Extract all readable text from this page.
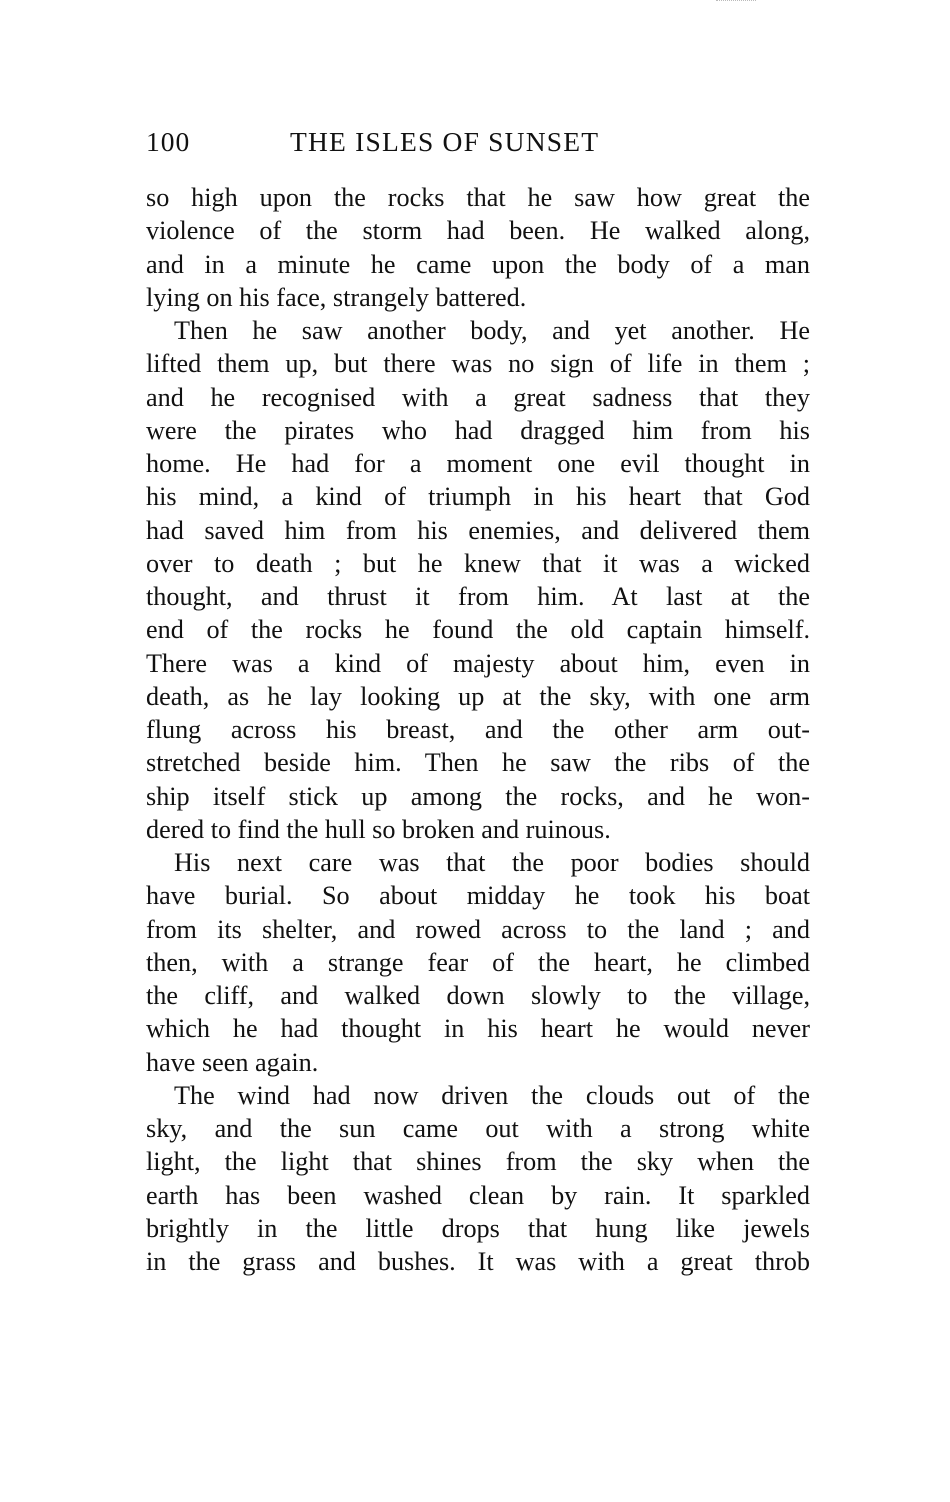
100	THE ISLES OF SUNSET
so high upon the rocks that he saw how great the
violence of the storm had been. He walked along,
and in a minute he came upon the body of a man
lying on his face, strangely battered.
Then he saw another body, and yet another. He
lifted them up, but there was no sign of life in them ;
and he recognised with a great sadness that they
were the pirates who had dragged him from his
home. He had for a moment one evil thought in
his mind, a kind of triumph in his heart that God
had saved him from his enemies, and delivered them
over to death ; but he knew that it was a wicked
thought, and thrust it from him. At last at the
end of the rocks he found the old captain himself.
There was a kind of majesty about him, even in
death, as he lay looking up at the sky, with one arm
flung across his breast, and the other arm out-
stretched beside him. Then he saw the ribs of the
ship itself stick up among the rocks, and he won-
dered to find the hull so broken and ruinous.
His next care was that the poor bodies should
have burial. So about midday he took his boat
from its shelter, and rowed across to the land ; and
then, with a strange fear of the heart, he climbed
the cliff, and walked down slowly to the village,
which he had thought in his heart he would never
have seen again.
The wind had now driven the clouds out of the
sky, and the sun came out with a strong white
light, the light that shines from the sky when the
earth has been washed clean by rain. It sparkled
brightly in the little drops that hung like jewels
in the grass and bushes. It was with a great throb
